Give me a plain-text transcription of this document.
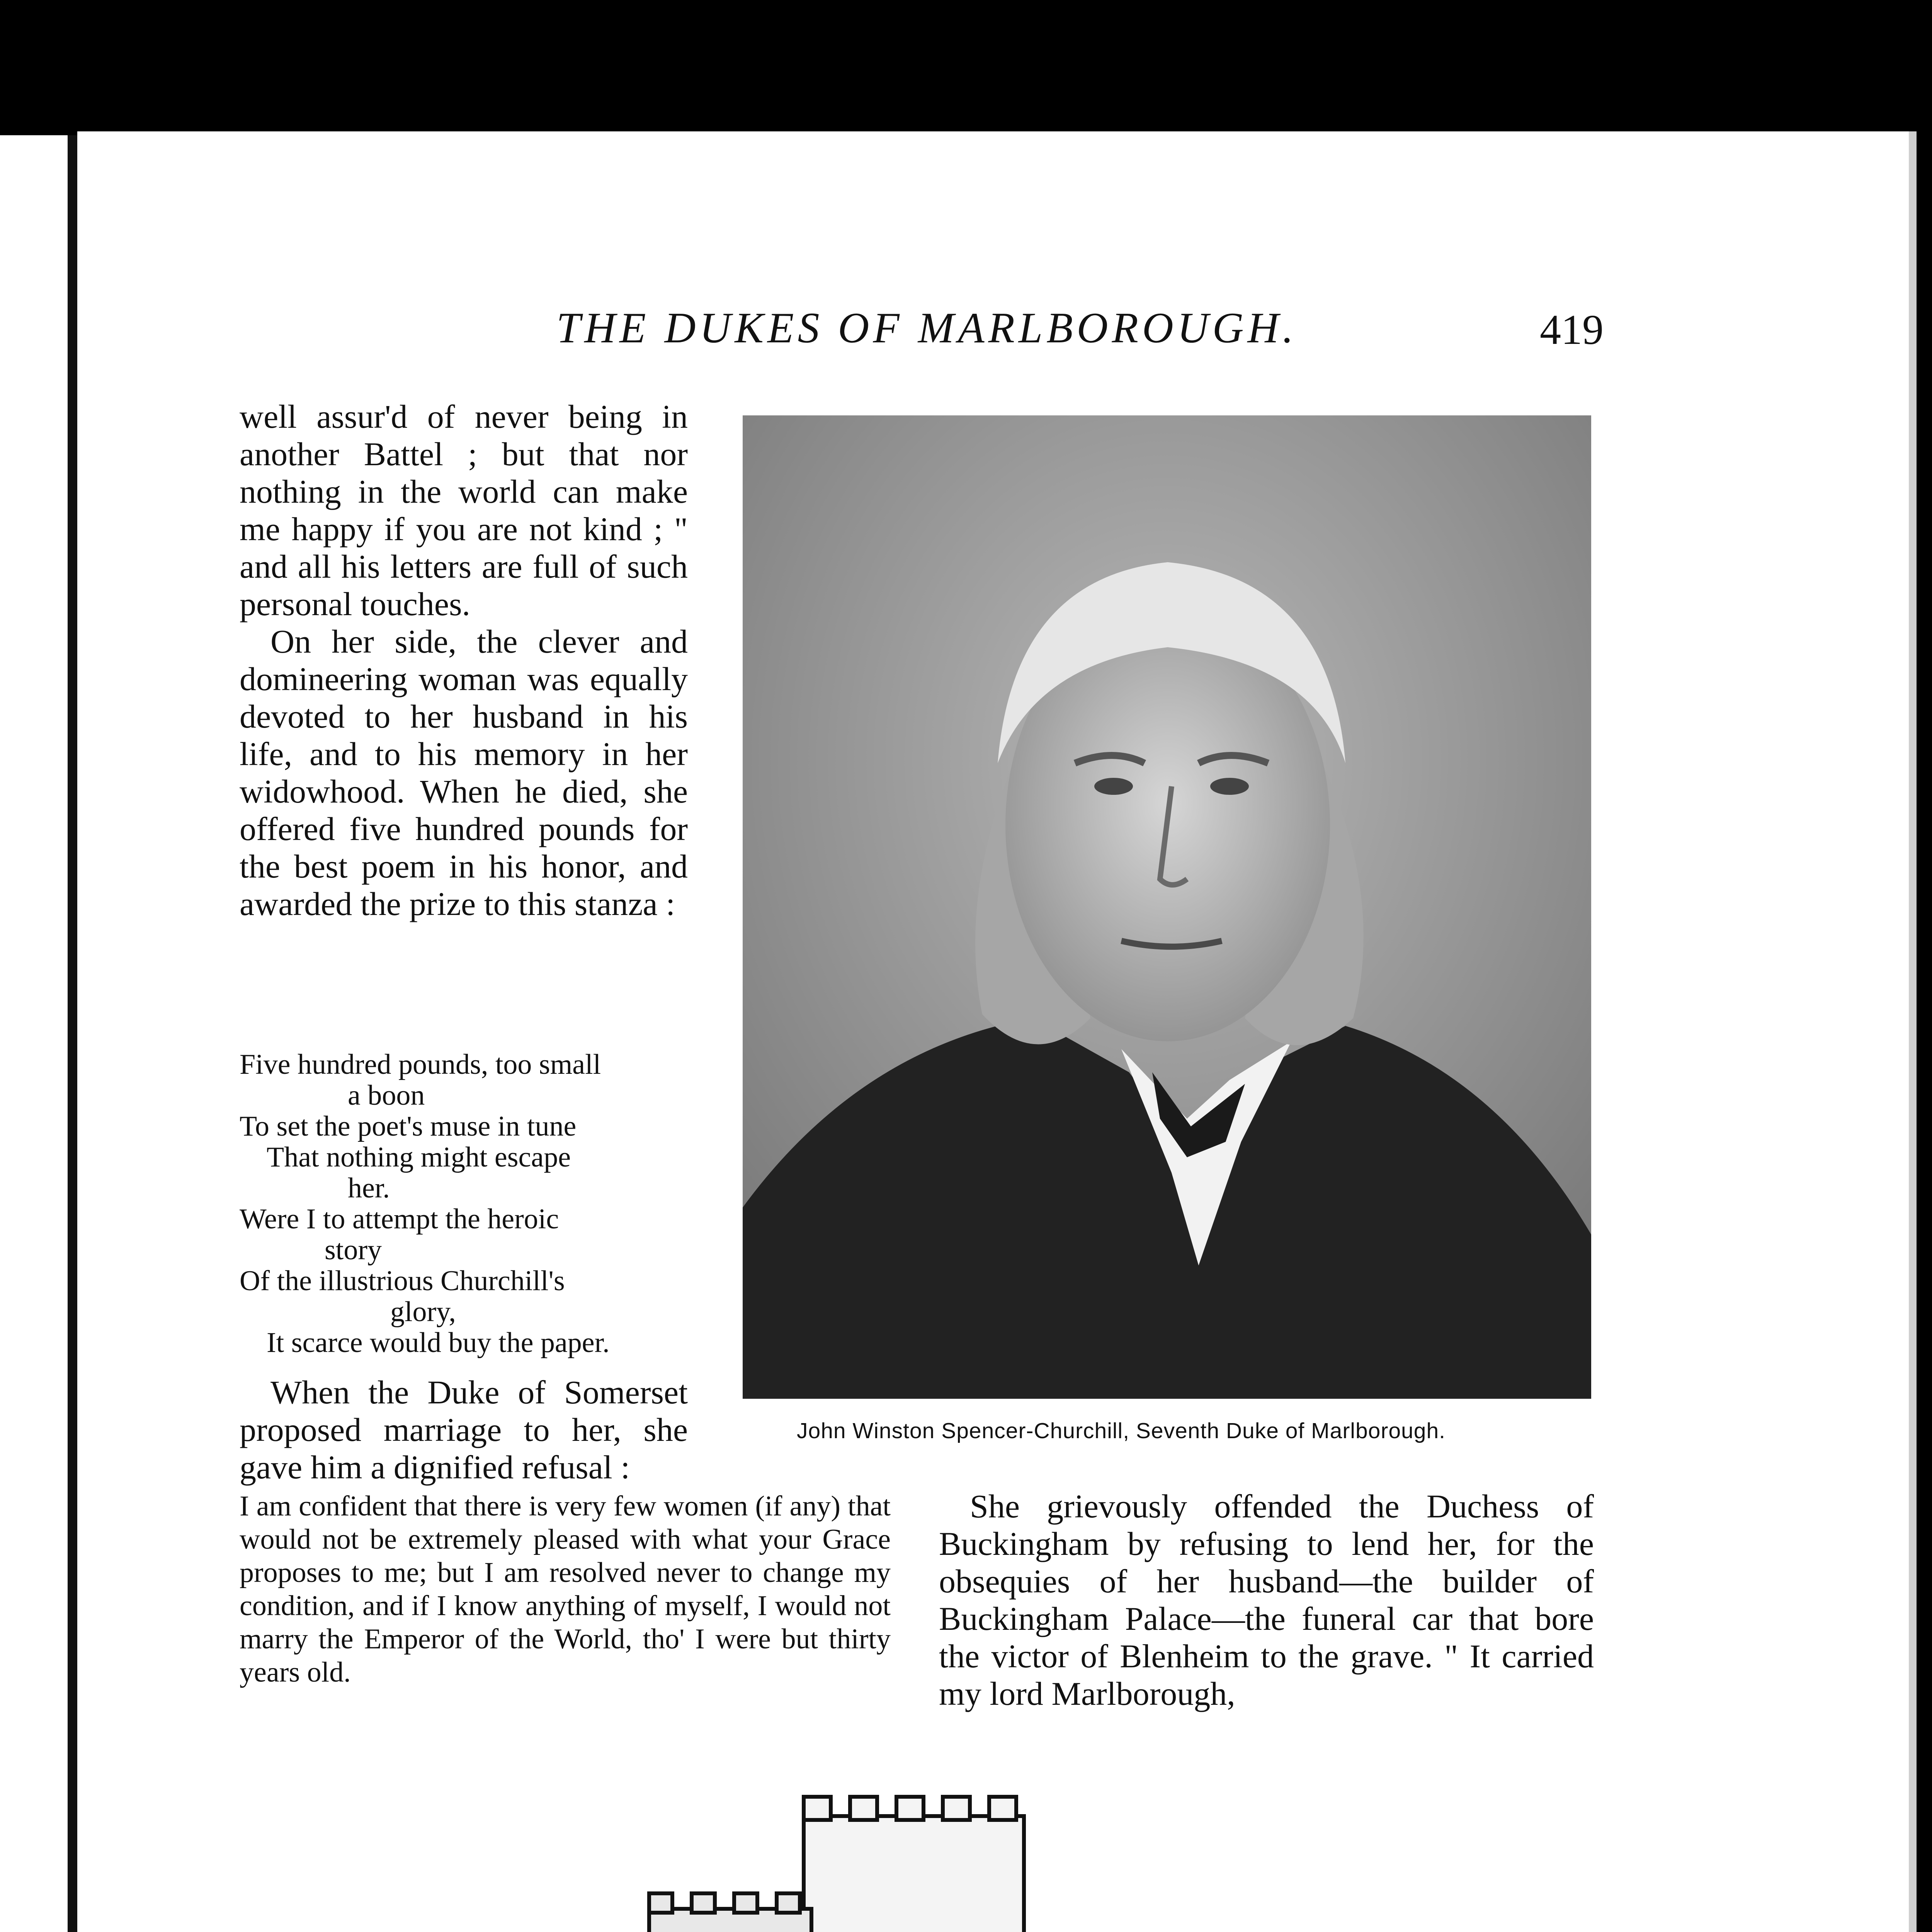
THE DUKES OF MARLBOROUGH.	419

well assur'd of never being in another Battel ; but that nor nothing in the world can make me happy if you are not kind ; " and all his letters are full of such personal touches.

On her side, the clever and domineering woman was equally devoted to her husband in his life, and to his memory in her widowhood. When he died, she offered five hundred pounds for the best poem in his honor, and awarded the prize to this stanza :

Five hundred pounds, too small
a boon
To set the poet's muse in tune
That nothing might escape
her.
Were I to attempt the heroic
story
Of the illustrious Churchill's
glory,
It scarce would buy the paper.
When the Duke of Somerset proposed marriage to her, she gave him a dignified refusal :
John Winston Spencer-Churchill, Seventh Duke of Marlborough.
I am confident that there is very few women (if any) that would not be extremely pleased with what your Grace proposes to me; but I am resolved never to change my condition, and if I know anything of myself, I would not marry the Emperor of the World, tho' I were but thirty years old.
She grievously offended the Duchess of Buckingham by refusing to lend her, for the obsequies of her husband—the builder of Buckingham Palace—the funeral car that bore the victor of Blenheim to the grave. " It carried my lord Marlborough,
